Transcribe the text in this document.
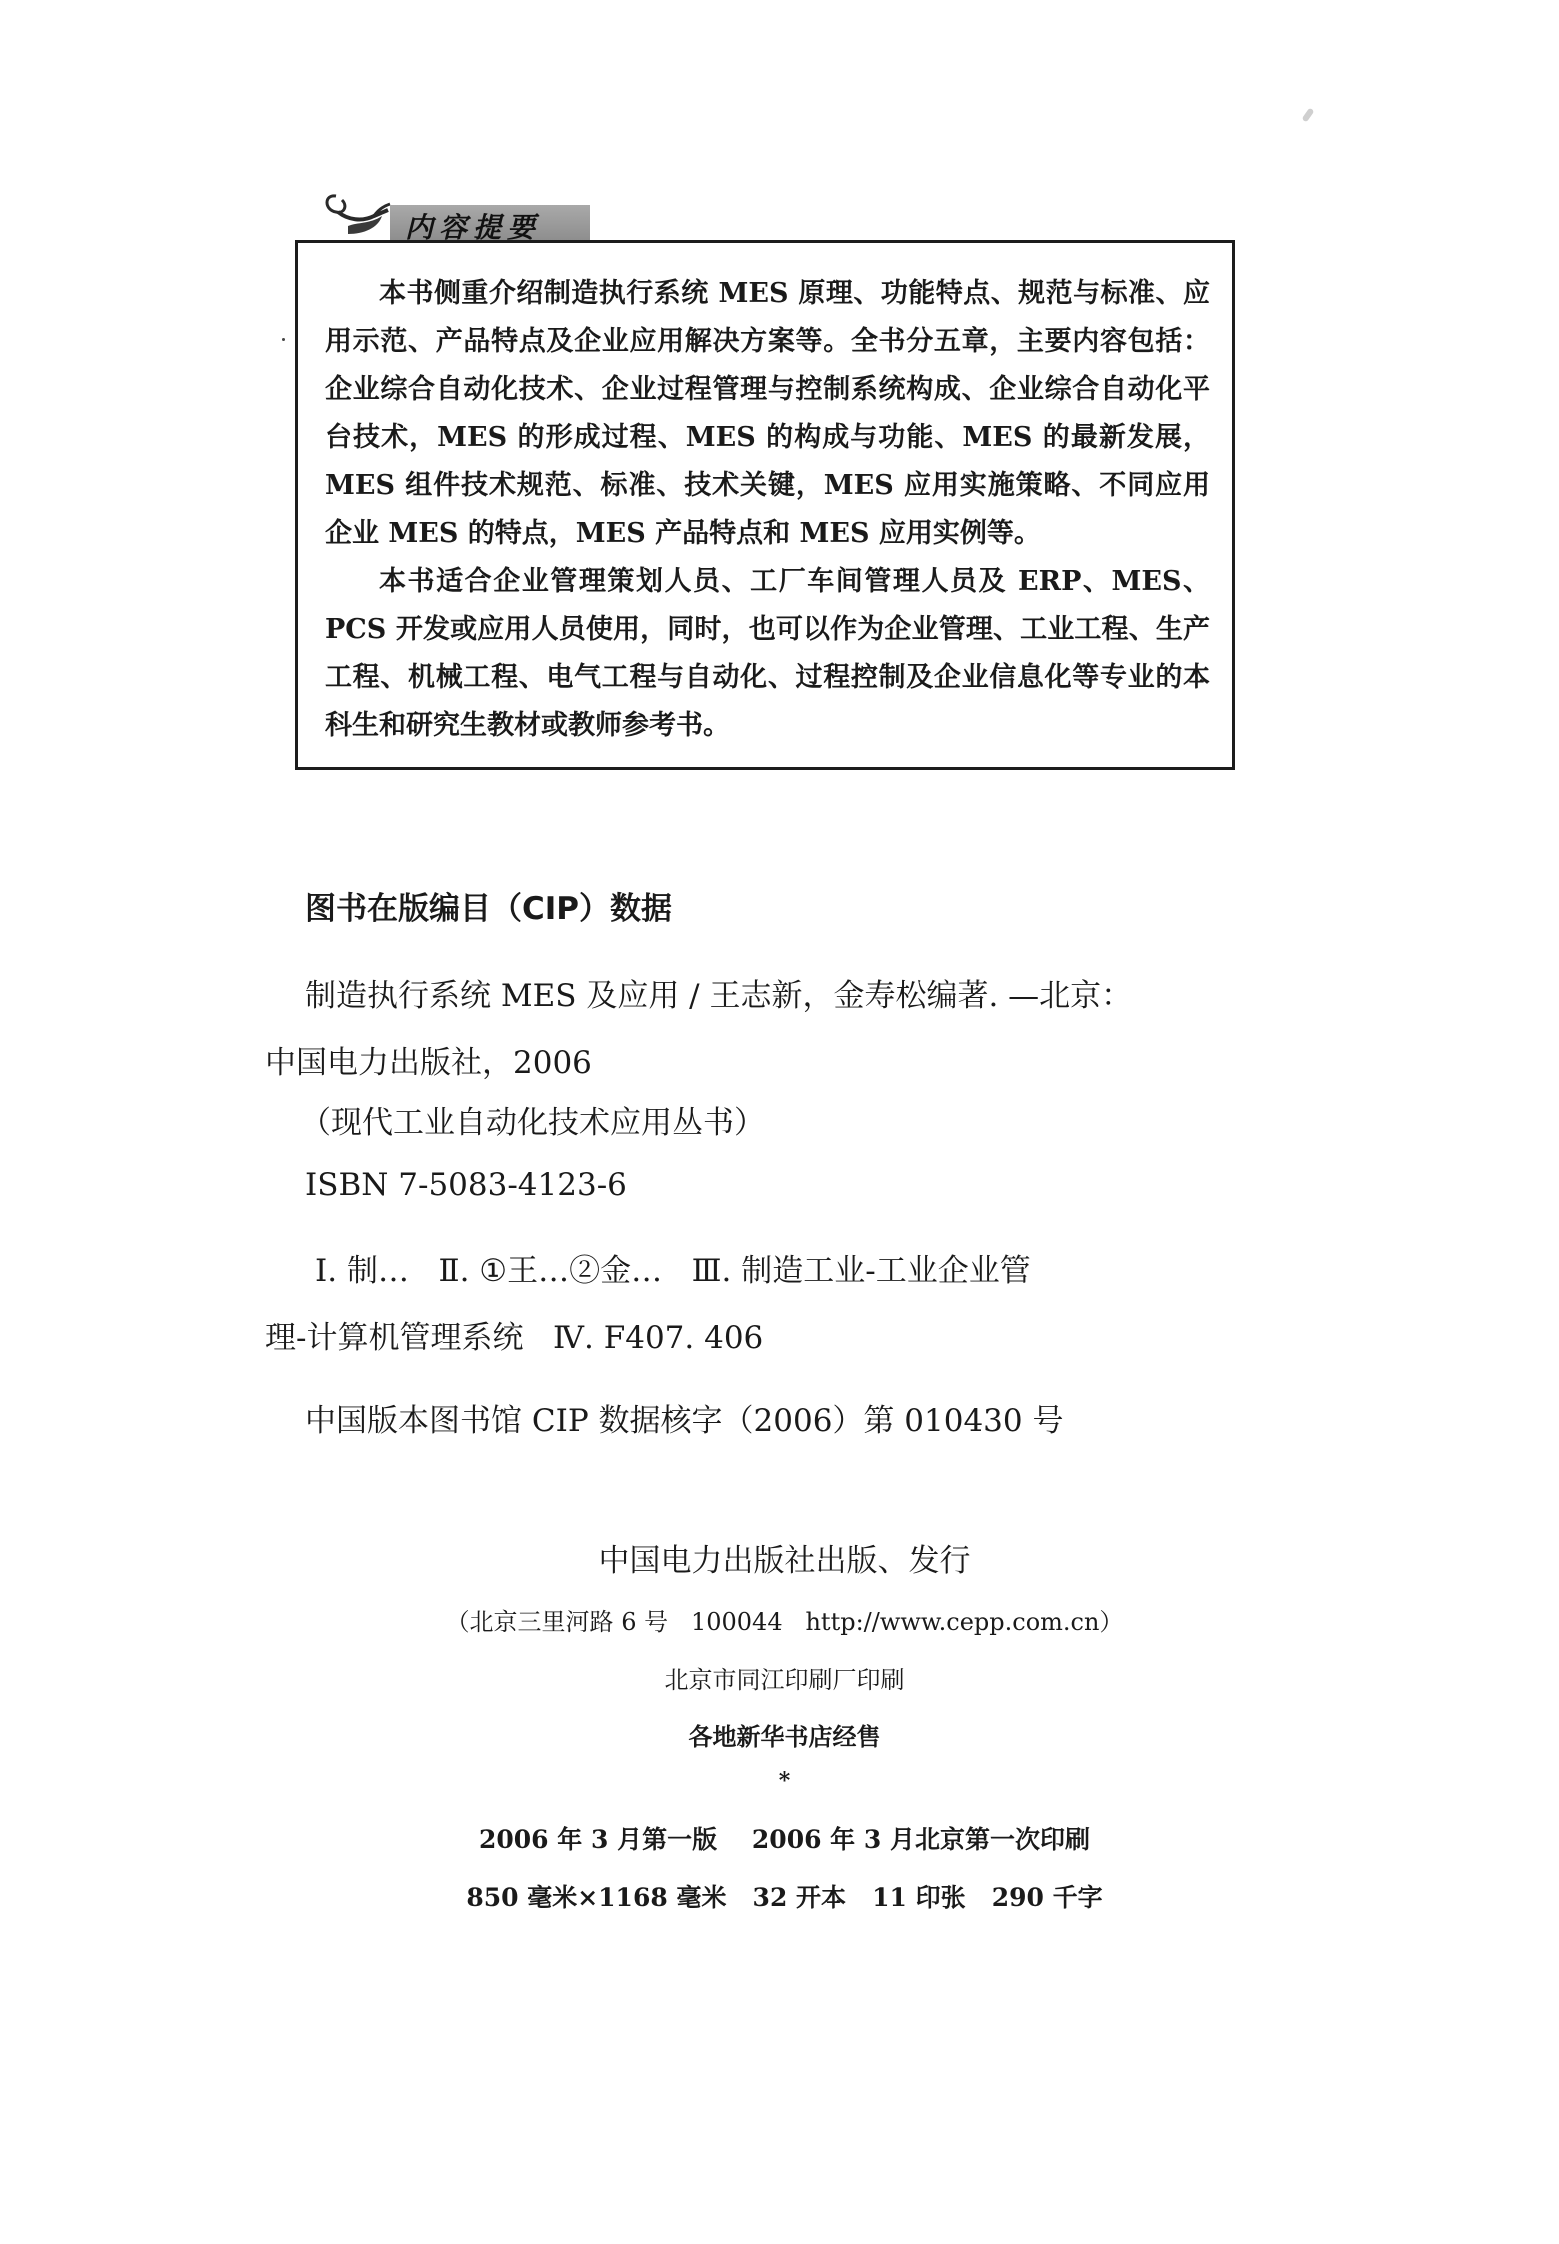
内容提要

本书侧重介绍制造执行系统 MES 原理、功能特点、规范与标准、应用示范、产品特点及企业应用解决方案等。全书分五章，主要内容包括：企业综合自动化技术、企业过程管理与控制系统构成、企业综合自动化平台技术，MES 的形成过程、MES 的构成与功能、MES 的最新发展，MES 组件技术规范、标准、技术关键，MES 应用实施策略、不同应用企业 MES 的特点，MES 产品特点和 MES 应用实例等。

本书适合企业管理策划人员、工厂车间管理人员及 ERP、MES、PCS 开发或应用人员使用，同时，也可以作为企业管理、工业工程、生产工程、机械工程、电气工程与自动化、过程控制及企业信息化等专业的本科生和研究生教材或教师参考书。

图书在版编目（CIP）数据
制造执行系统 MES 及应用 / 王志新，金寿松编著. —北京：
中国电力出版社，2006
（现代工业自动化技术应用丛书）
ISBN 7-5083-4123-6
Ⅰ. 制…   Ⅱ. ①王…②金…   Ⅲ. 制造工业-工业企业管
理-计算机管理系统   Ⅳ. F407. 406
中国版本图书馆 CIP 数据核字（2006）第 010430 号
中国电力出版社出版、发行
（北京三里河路 6 号   100044   http://www.cepp.com.cn）
北京市同江印刷厂印刷
各地新华书店经售
*
2006 年 3 月第一版    2006 年 3 月北京第一次印刷
850 毫米×1168 毫米   32 开本   11 印张   290 千字
